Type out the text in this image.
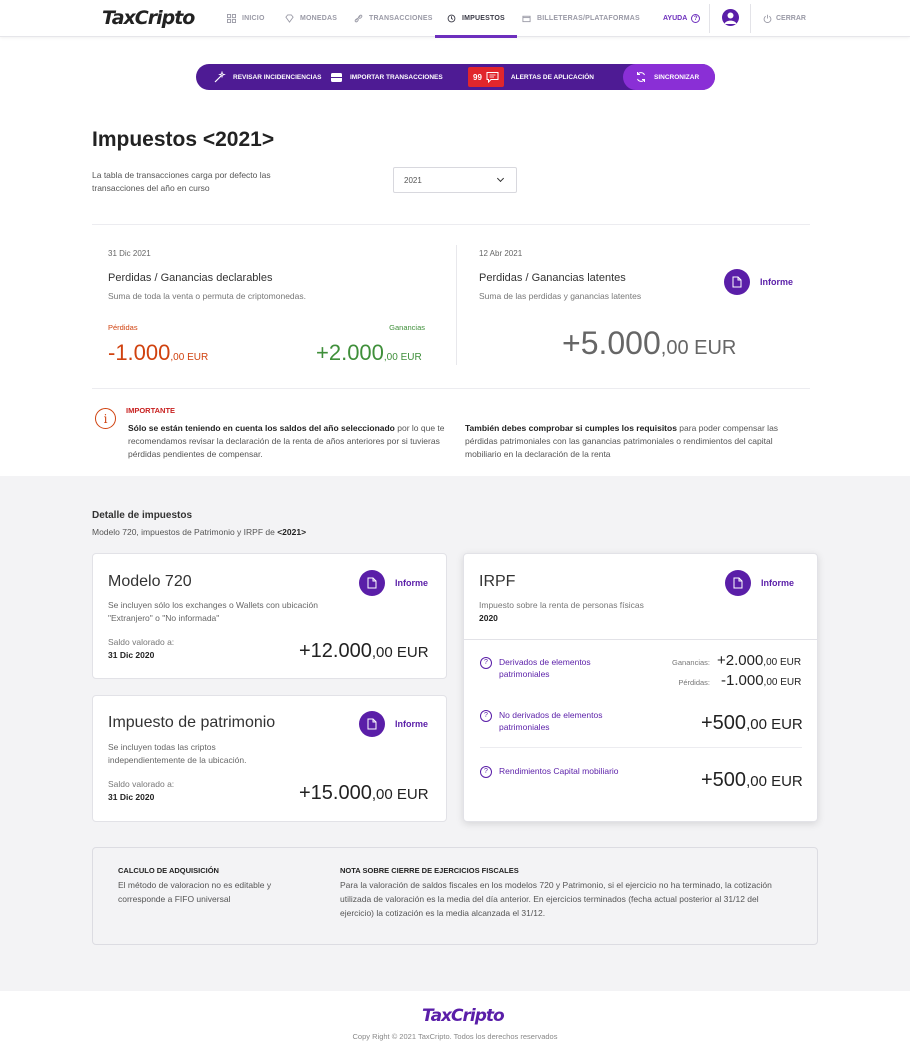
TaxCripto	INICIO	MONEDAS	TRANSACCIONES	IMPUESTOS	BILLETERAS/PLATAFORMAS	AYUDA	?	CERRAR
REVISAR INCIDENCIENCIAS	IMPORTAR TRANSACCIONES	99	ALERTAS DE APLICACIÓN	SINCRONIZAR
Impuestos <2021>
La tabla de transacciones carga por defecto las transacciones del año en curso
2021
31 Dic 2021
Perdidas / Ganancias declarables
Suma de toda la venta o permuta de criptomonedas.
Pérdidas	Ganancias
-1.000,00 EUR	+2.000,00 EUR
12 Abr 2021
Perdidas / Ganancias latentes
Suma de las perdidas y ganancias latentes
Informe
+5.000,00 EUR
i
IMPORTANTE
Sólo se están teniendo en cuenta los saldos del año seleccionado por lo que te recomendamos revisar la declaración de la renta de años anteriores por si tuvieras pérdidas pendientes de compensar.
También debes comprobar si cumples los requisitos para poder compensar las pérdidas patrimoniales con las ganancias patrimoniales o rendimientos del capital mobiliario en la declaración de la renta
Detalle de impuestos
Modelo 720, impuestos de Patrimonio y IRPF de <2021>
Modelo 720	Informe
Se incluyen sólo los exchanges o Wallets con ubicación "Extranjero" o "No informada"
Saldo valorado a:
31 Dic 2020	+12.000,00 EUR
Impuesto de patrimonio	Informe
Se incluyen todas las criptos independientemente de la ubicación.
Saldo valorado a:
31 Dic 2020	+15.000,00 EUR
IRPF	Informe
Impuesto sobre la renta de personas físicas
2020
?	Derivados de elementos patrimoniales
Ganancias: +2.000,00 EUR
Pérdidas: -1.000,00 EUR
?	No derivados de elementos patrimoniales	+500,00 EUR
?	Rendimientos Capital mobiliario	+500,00 EUR
CALCULO DE ADQUISICIÓN
El método de valoracion no es editable y corresponde a FIFO universal
NOTA SOBRE CIERRE DE EJERCICIOS FISCALES
Para la valoración de saldos fiscales en los modelos 720 y Patrimonio, si el ejercicio no ha terminado, la cotización utilizada de valoración es la media del día anterior. En ejercicios terminados (fecha actual posterior al 31/12 del ejercicio) la cotización es la media alcanzada el 31/12.
TaxCripto
Copy Right © 2021 TaxCripto. Todos los derechos reservados
